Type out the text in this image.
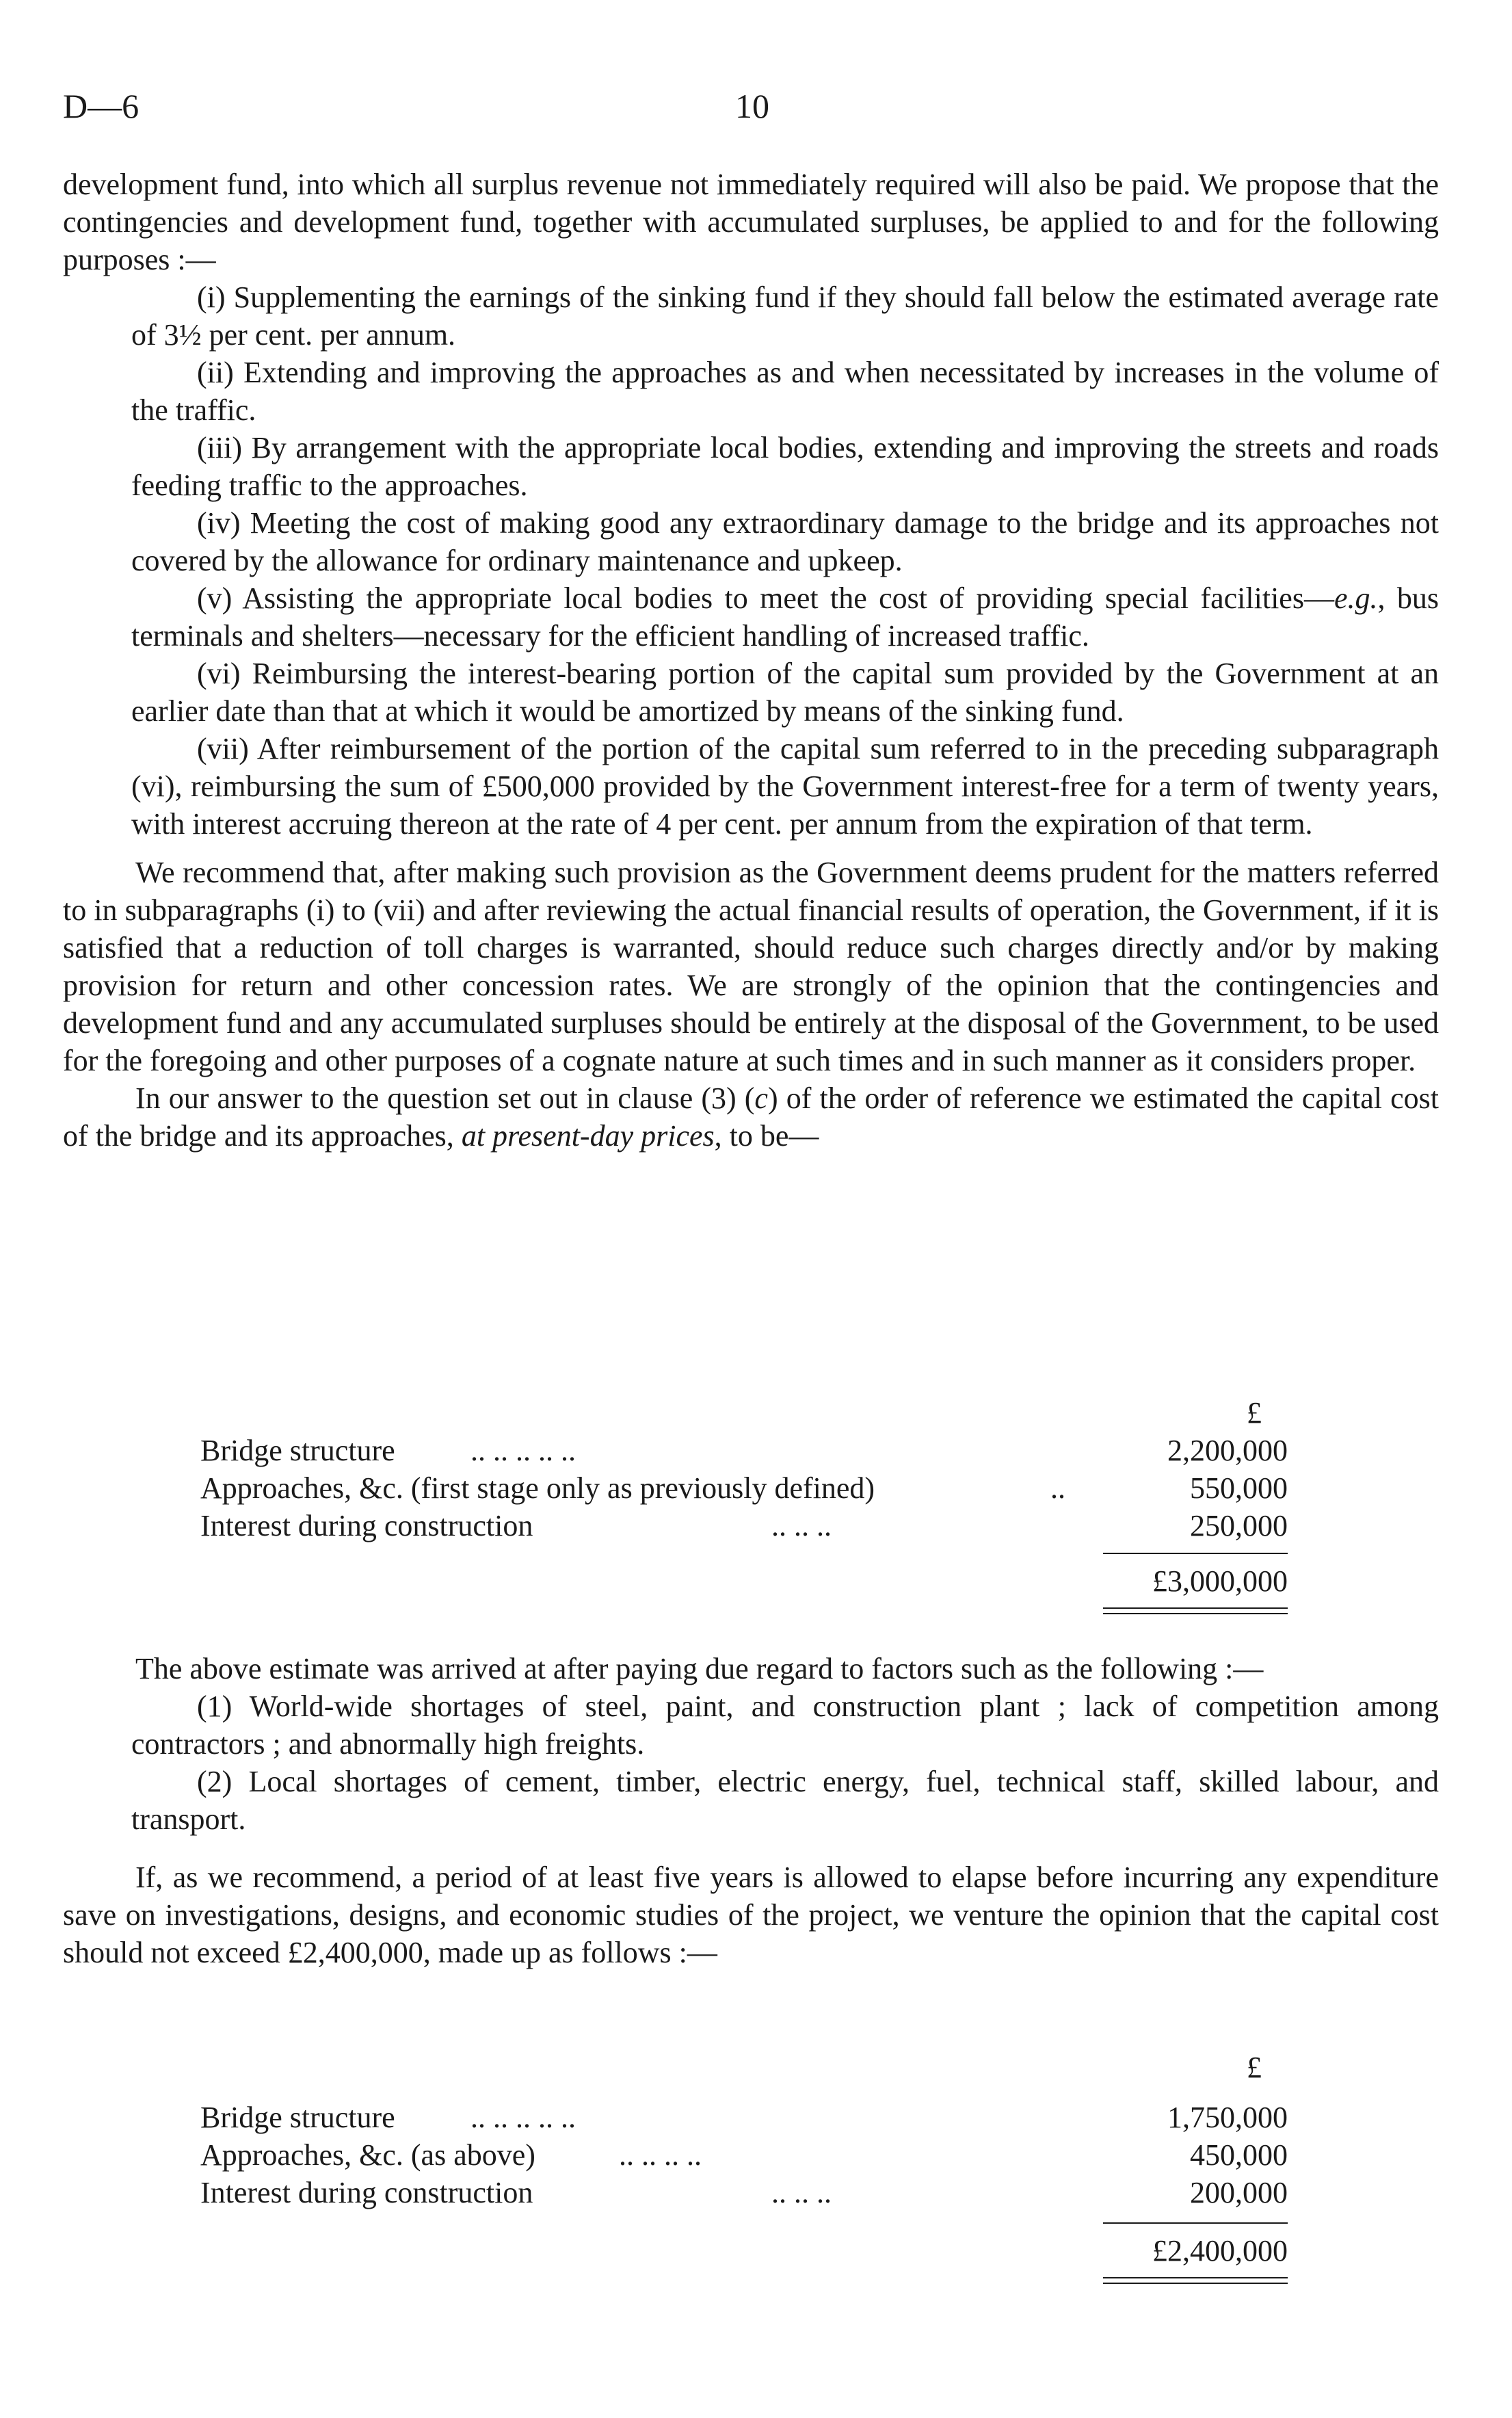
D—6	10

development fund, into which all surplus revenue not immediately required will also be paid. We propose that the contingencies and development fund, together with accumulated surpluses, be applied to and for the following purposes :—

(i) Supplementing the earnings of the sinking fund if they should fall below the estimated average rate of 3½ per cent. per annum.

(ii) Extending and improving the approaches as and when necessitated by increases in the volume of the traffic.

(iii) By arrangement with the appropriate local bodies, extending and improving the streets and roads feeding traffic to the approaches.

(iv) Meeting the cost of making good any extraordinary damage to the bridge and its approaches not covered by the allowance for ordinary maintenance and upkeep.

(v) Assisting the appropriate local bodies to meet the cost of providing special facilities—e.g., bus terminals and shelters—necessary for the efficient handling of increased traffic.

(vi) Reimbursing the interest-bearing portion of the capital sum provided by the Government at an earlier date than that at which it would be amortized by means of the sinking fund.

(vii) After reimbursement of the portion of the capital sum referred to in the preceding subparagraph (vi), reimbursing the sum of £500,000 provided by the Government interest-free for a term of twenty years, with interest accruing thereon at the rate of 4 per cent. per annum from the expiration of that term.

We recommend that, after making such provision as the Government deems prudent for the matters referred to in subparagraphs (i) to (vii) and after reviewing the actual financial results of operation, the Government, if it is satisfied that a reduction of toll charges is warranted, should reduce such charges directly and/or by making provision for return and other concession rates. We are strongly of the opinion that the contingencies and development fund and any accumulated surpluses should be entirely at the disposal of the Government, to be used for the foregoing and other purposes of a cognate nature at such times and in such manner as it considers proper.

In our answer to the question set out in clause (3) (c) of the order of reference we estimated the capital cost of the bridge and its approaches, at present-day prices, to be—

£
Bridge structure	.. .. .. .. ..	2,200,000
Approaches, &c. (first stage only as previously defined)	..	550,000
Interest during construction	.. .. ..	250,000
£3,000,000

The above estimate was arrived at after paying due regard to factors such as the following :—

(1) World-wide shortages of steel, paint, and construction plant ; lack of competition among contractors ; and abnormally high freights.

(2) Local shortages of cement, timber, electric energy, fuel, technical staff, skilled labour, and transport.

If, as we recommend, a period of at least five years is allowed to elapse before incurring any expenditure save on investigations, designs, and economic studies of the project, we venture the opinion that the capital cost should not exceed £2,400,000, made up as follows :—

£
Bridge structure	.. .. .. .. ..	1,750,000
Approaches, &c. (as above)	.. .. .. ..	450,000
Interest during construction	.. .. ..	200,000
£2,400,000
